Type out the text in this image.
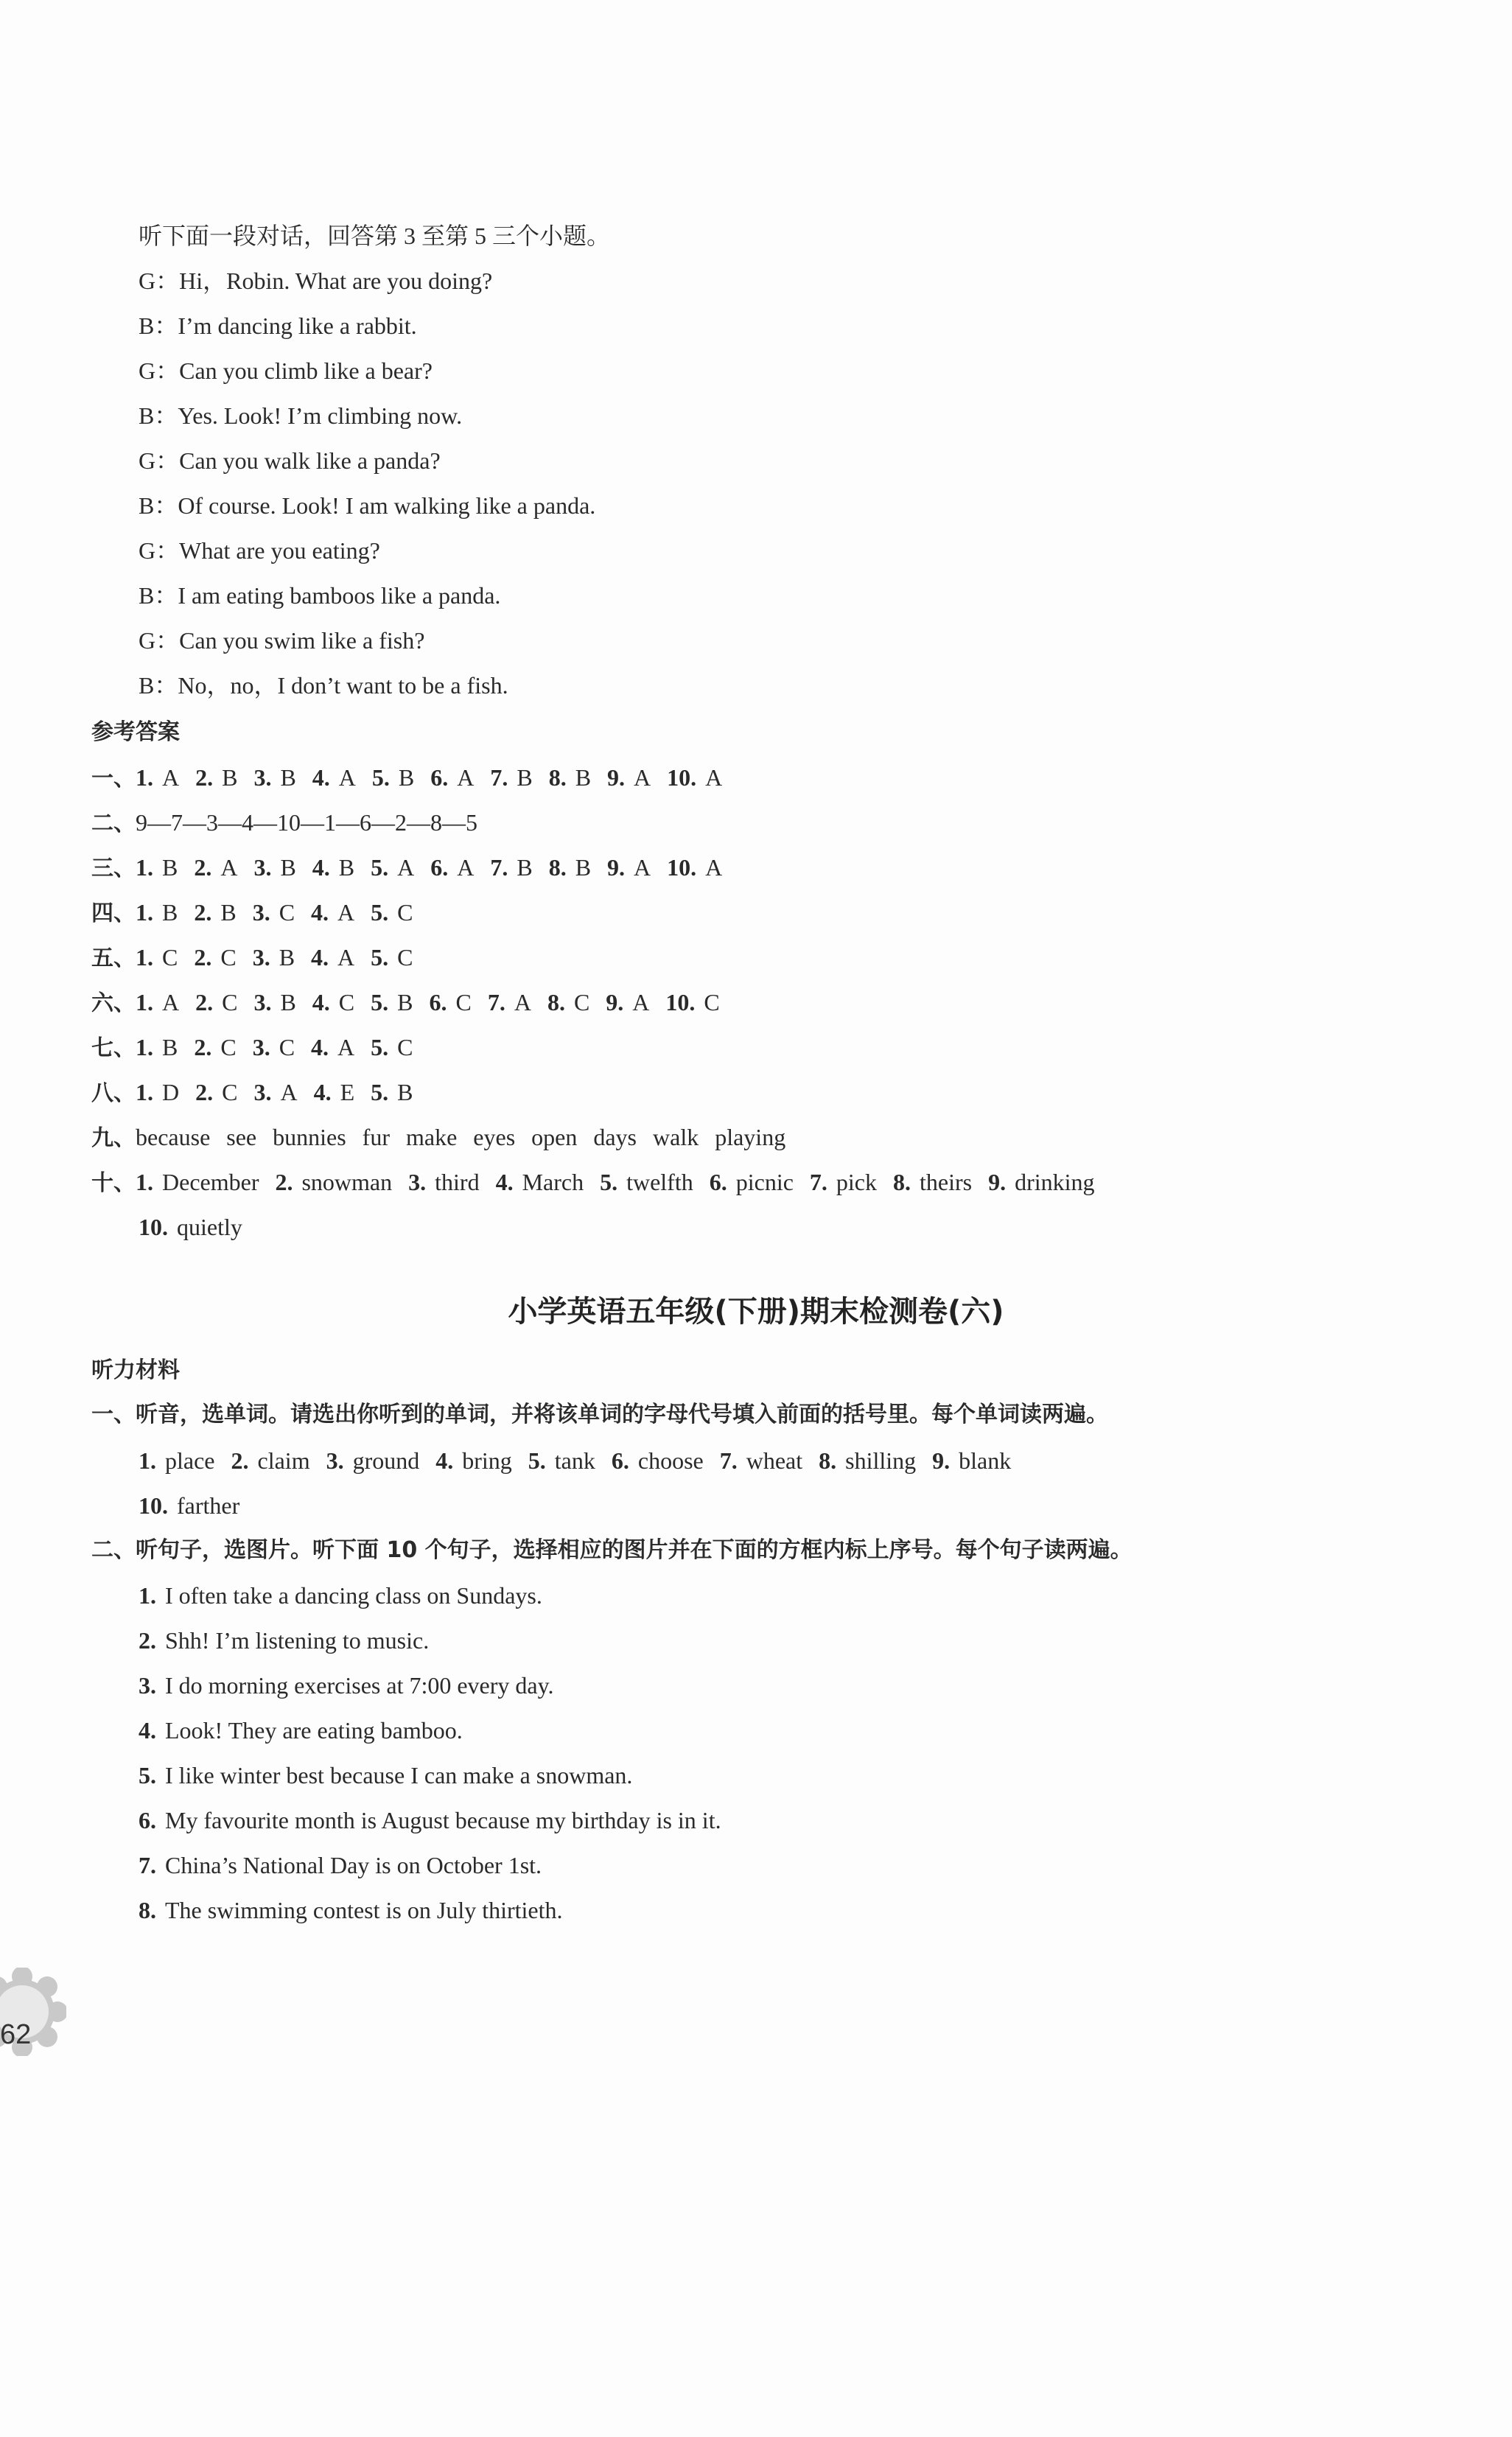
听下面一段对话，回答第 3 至第 5 三个小题。
G：Hi，Robin. What are you doing?
B：I’m dancing like a rabbit.
G：Can you climb like a bear?
B：Yes. Look! I’m climbing now.
G：Can you walk like a panda?
B：Of course. Look! I am walking like a panda.
G：What are you eating?
B：I am eating bamboos like a panda.
G：Can you swim like a fish?
B：No，no，I don’t want to be a fish.
参考答案
一、1. A 2. B 3. B 4. A 5. B 6. A 7. B 8. B 9. A 10. A
二、9—7—3—4—10—1—6—2—8—5
三、1. B 2. A 3. B 4. B 5. A 6. A 7. B 8. B 9. A 10. A
四、1. B 2. B 3. C 4. A 5. C
五、1. C 2. C 3. B 4. A 5. C
六、1. A 2. C 3. B 4. C 5. B 6. C 7. A 8. C 9. A 10. C
七、1. B 2. C 3. C 4. A 5. C
八、1. D 2. C 3. A 4. E 5. B
九、because see bunnies fur make eyes open days walk playing
十、1. December 2. snowman 3. third 4. March 5. twelfth 6. picnic 7. pick 8. theirs 9. drinking
10. quietly
小学英语五年级(下册)期末检测卷(六)
听力材料
一、听音，选单词。请选出你听到的单词，并将该单词的字母代号填入前面的括号里。每个单词读两遍。
1. place 2. claim 3. ground 4. bring 5. tank 6. choose 7. wheat 8. shilling 9. blank
10. farther
二、听句子，选图片。听下面 10 个句子，选择相应的图片并在下面的方框内标上序号。每个句子读两遍。
1. I often take a dancing class on Sundays.
2. Shh! I’m listening to music.
3. I do morning exercises at 7:00 every day.
4. Look! They are eating bamboo.
5. I like winter best because I can make a snowman.
6. My favourite month is August because my birthday is in it.
7. China’s National Day is on October 1st.
8. The swimming contest is on July thirtieth.
62
